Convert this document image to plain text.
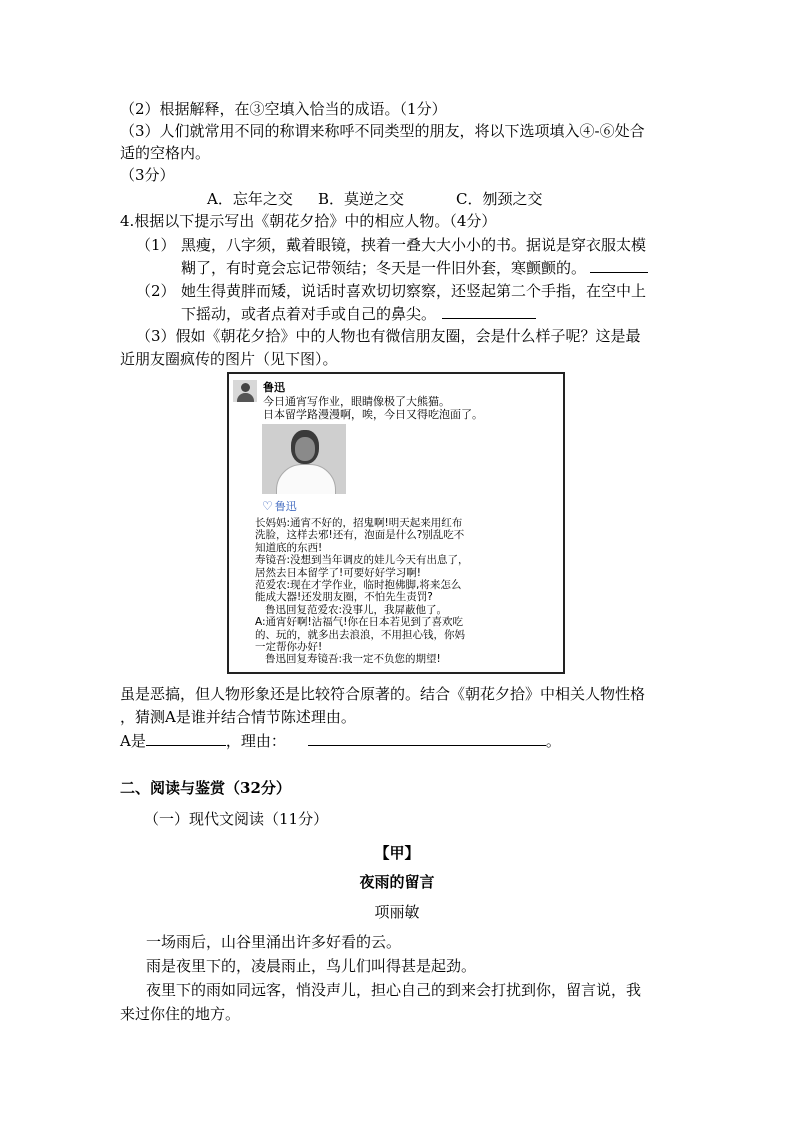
（2）根据解释，在③空填入恰当的成语。（1分）
（3）人们就常用不同的称谓来称呼不同类型的朋友，将以下选项填入④-⑥处合
适的空格内。
（3分）
A．忘年之交 B．莫逆之交	C．刎颈之交
4.根据以下提示写出《朝花夕拾》中的相应人物。（4分）
（1） 黑瘦，八字须，戴着眼镜，挟着一叠大大小小的书。据说是穿衣服太模
糊了，有时竟会忘记带领结；冬天是一件旧外套，寒颤颤的。
（2） 她生得黄胖而矮，说话时喜欢切切察察，还竖起第二个手指，在空中上
下摇动，或者点着对手或自己的鼻尖。
（3）假如《朝花夕拾》中的人物也有微信朋友圈，会是什么样子呢？这是最
近朋友圈疯传的图片（见下图）。
鲁迅
今日通宵写作业，眼睛像极了大熊猫。
日本留学路漫漫啊，唉，今日又得吃泡面了。
♡ 鲁迅
长妈妈:通宵不好的，招鬼啊!明天起来用红布
洗脸，这样去邪!还有，泡面是什么?别乱吃不
知道底的东西!
寿镜吾:没想到当年调皮的娃儿今天有出息了，
居然去日本留学了!可要好好学习啊!
范爱农:现在才学作业，临时抱佛脚,将来怎么
能成大器!还发朋友圈，不怕先生责罚?
鲁迅回复范爱农:没事儿，我屏蔽他了。
A:通宵好啊!沾福气!你在日本若见到了喜欢吃
的、玩的，就多出去浪浪，不用担心钱，你妈
一定帮你办好!
鲁迅回复寿镜吾:我一定不负您的期望!
虽是恶搞，但人物形象还是比较符合原著的。结合《朝花夕拾》中相关人物性格
，猜测A是谁并结合情节陈述理由。
A是	，理由：	。
二、阅读与鉴赏（32分）
（一）现代文阅读（11分）
【甲】
夜雨的留言
项丽敏
一场雨后，山谷里涌出许多好看的云。
雨是夜里下的，凌晨雨止，鸟儿们叫得甚是起劲。
夜里下的雨如同远客，悄没声儿，担心自己的到来会打扰到你，留言说，我
来过你住的地方。
